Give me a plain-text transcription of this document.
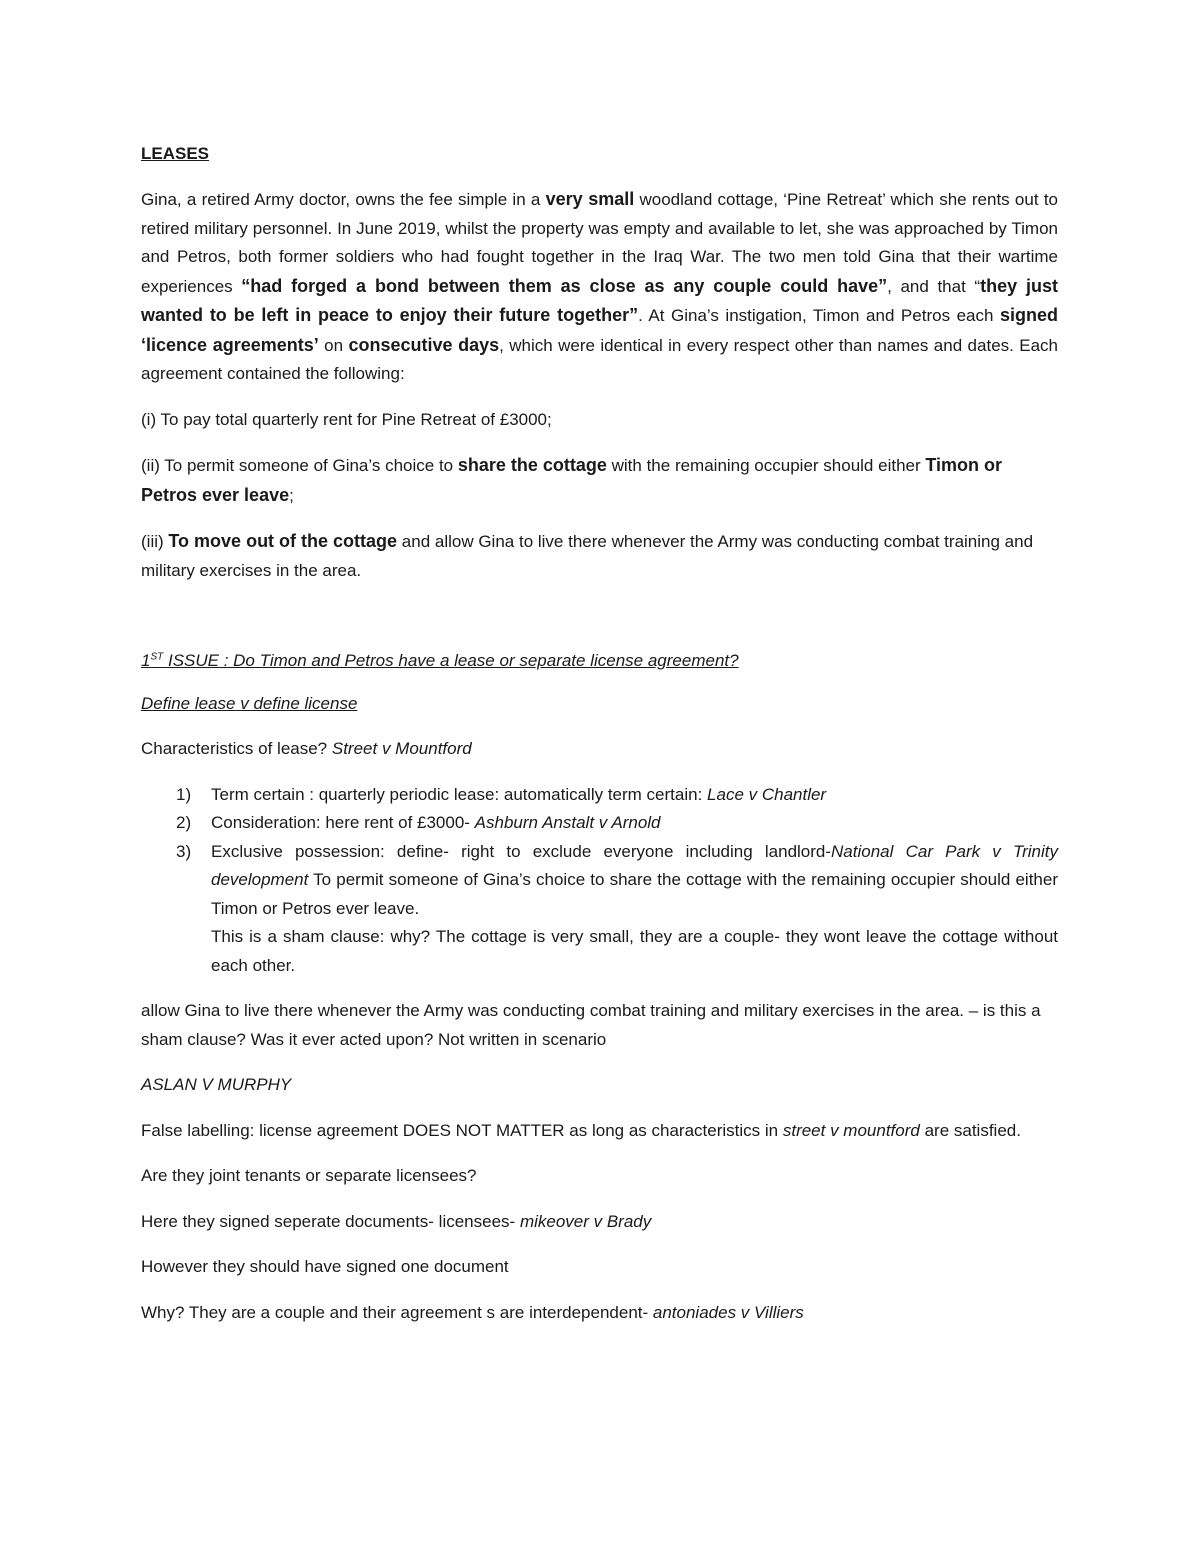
LEASES

Gina, a retired Army doctor, owns the fee simple in a very small woodland cottage, ‘Pine Retreat’ which she rents out to retired military personnel. In June 2019, whilst the property was empty and available to let, she was approached by Timon and Petros, both former soldiers who had fought together in the Iraq War. The two men told Gina that their wartime experiences “had forged a bond between them as close as any couple could have”, and that “they just wanted to be left in peace to enjoy their future together”. At Gina’s instigation, Timon and Petros each signed ‘licence agreements’ on consecutive days, which were identical in every respect other than names and dates. Each agreement contained the following:

(i) To pay total quarterly rent for Pine Retreat of £3000;

(ii) To permit someone of Gina’s choice to share the cottage with the remaining occupier should either Timon or Petros ever leave;

(iii) To move out of the cottage and allow Gina to live there whenever the Army was conducting combat training and military exercises in the area.

1ST ISSUE : Do Timon and Petros have a lease or separate license agreement?

Define lease v define license

Characteristics of lease? Street v Mountford

1) Term certain : quarterly periodic lease: automatically term certain: Lace v Chantler
2) Consideration: here rent of £3000- Ashburn Anstalt v Arnold
3) Exclusive possession: define- right to exclude everyone including landlord-National Car Park v Trinity development To permit someone of Gina’s choice to share the cottage with the remaining occupier should either Timon or Petros ever leave.
This is a sham clause: why? The cottage is very small, they are a couple- they wont leave the cottage without each other.

allow Gina to live there whenever the Army was conducting combat training and military exercises in the area. – is this a sham clause? Was it ever acted upon? Not written in scenario

ASLAN V MURPHY

False labelling: license agreement DOES NOT MATTER as long as characteristics in street v mountford are satisfied.

Are they joint tenants or separate licensees?

Here they signed seperate documents- licensees- mikeover v Brady

However they should have signed one document

Why? They are a couple and their agreement s are interdependent- antoniades v Villiers
